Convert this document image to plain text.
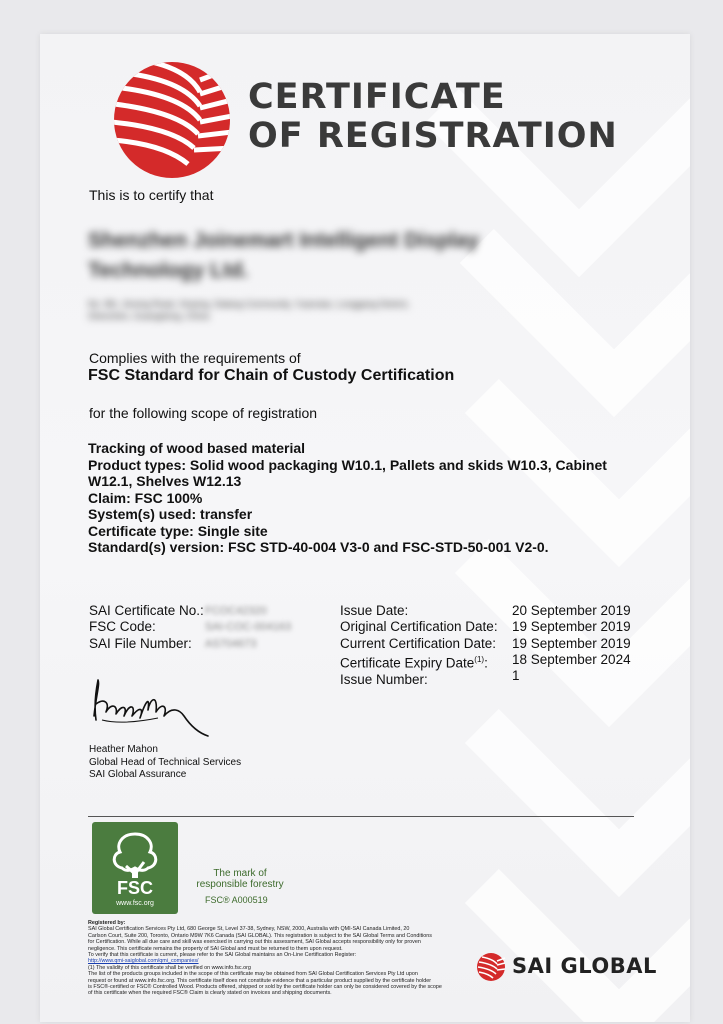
CERTIFICATE
OF REGISTRATION
This is to certify that
Shenzhen Joinemart Intelligent Display
Technology Ltd.
No. 8th, Jinxing Road, Xinping, Dalang Community, Yuanxiao, Longgang District,
Shenzhen, Guangdong, China
Complies with the requirements of
FSC Standard for Chain of Custody Certification
for the following scope of registration
Tracking of wood based material
Product types: Solid wood packaging W10.1, Pallets and skids W10.3, Cabinet
W12.1, Shelves W12.13
Claim: FSC 100%
System(s) used: transfer
Certificate type: Single site
Standard(s) version: FSC STD-40-004 V3-0 and FSC-STD-50-001 V2-0.
SAI Certificate No.:
FSC Code:
SAI File Number:
FCOC42320
SAI-COC-004163
AS704673
Issue Date:
Original Certification Date:
Current Certification Date:
Certificate Expiry Date$^{(1)}$:
Issue Number:
20 September 2019
19 September 2019
19 September 2019
18 September 2024
1
Heather Mahon
Global Head of Technical Services
SAI Global Assurance
FSC
www.fsc.org
The mark of
responsible forestry
FSC® A000519
Registered by:
SAI Global Certification Services Pty Ltd, 680 George St, Level 37-38, Sydney, NSW, 2000, Australia with QMI-SAI Canada Limited, 20
Carlson Court, Suite 200, Toronto, Ontario M9W 7K6 Canada (SAI GLOBAL). This registration is subject to the SAI Global Terms and Conditions
for Certification. While all due care and skill was exercised in carrying out this assessment, SAI Global accepts responsibility only for proven
negligence. This certificate remains the property of SAI Global and must be returned to them upon request.
To verify that this certificate is current, please refer to the SAI Global maintains an On-Line Certification Register:
http://www.qmi-saiglobal.com/qmi_companies/
(1) The validity of this certificate shall be verified on www.info.fsc.org
The list of the products groups included in the scope of this certificate may be obtained from SAI Global Certification Services Pty Ltd upon
request or found at www.info.fsc.org. This certificate itself does not constitute evidence that a particular product supplied by the certificate holder
is FSC®-certified or FSC® Controlled Wood. Products offered, shipped or sold by the certificate holder can only be considered covered by the scope
of this certificate when the required FSC® Claim is clearly stated on invoices and shipping documents.
SAI GLOBAL
